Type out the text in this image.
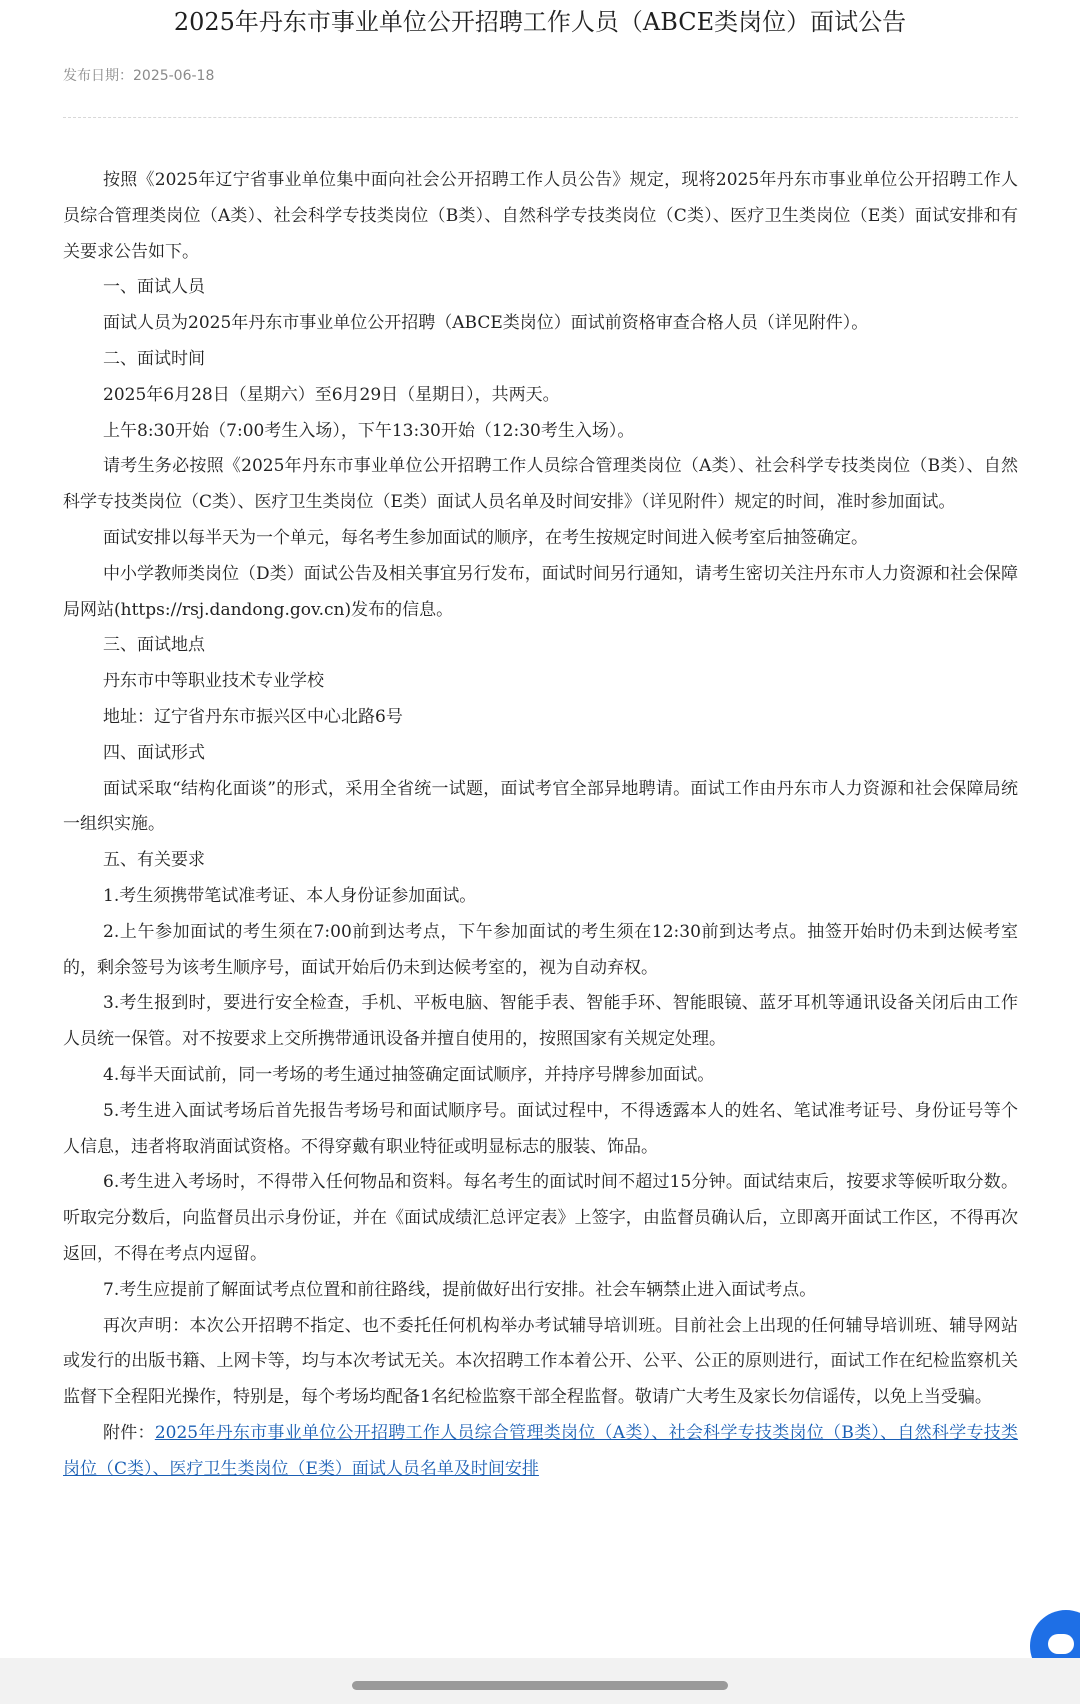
2025年丹东市事业单位公开招聘工作人员（ABCE类岗位）面试公告
发布日期：2025-06-18

按照《2025年辽宁省事业单位集中面向社会公开招聘工作人员公告》规定，现将2025年丹东市事业单位公开招聘工作人员综合管理类岗位（A类）、社会科学专技类岗位（B类）、自然科学专技类岗位（C类）、医疗卫生类岗位（E类）面试安排和有关要求公告如下。

一、面试人员

面试人员为2025年丹东市事业单位公开招聘（ABCE类岗位）面试前资格审查合格人员（详见附件）。

二、面试时间

2025年6月28日（星期六）至6月29日（星期日），共两天。

上午8:30开始（7:00考生入场），下午13:30开始（12:30考生入场）。

请考生务必按照《2025年丹东市事业单位公开招聘工作人员综合管理类岗位（A类）、社会科学专技类岗位（B类）、自然科学专技类岗位（C类）、医疗卫生类岗位（E类）面试人员名单及时间安排》（详见附件）规定的时间，准时参加面试。

面试安排以每半天为一个单元，每名考生参加面试的顺序，在考生按规定时间进入候考室后抽签确定。

中小学教师类岗位（D类）面试公告及相关事宜另行发布，面试时间另行通知，请考生密切关注丹东市人力资源和社会保障局网站(https://rsj.dandong.gov.cn)发布的信息。

三、面试地点

丹东市中等职业技术专业学校

地址：辽宁省丹东市振兴区中心北路6号

四、面试形式

面试采取“结构化面谈”的形式，采用全省统一试题，面试考官全部异地聘请。面试工作由丹东市人力资源和社会保障局统一组织实施。

五、有关要求

1.考生须携带笔试准考证、本人身份证参加面试。

2.上午参加面试的考生须在7:00前到达考点，下午参加面试的考生须在12:30前到达考点。抽签开始时仍未到达候考室的，剩余签号为该考生顺序号，面试开始后仍未到达候考室的，视为自动弃权。

3.考生报到时，要进行安全检查，手机、平板电脑、智能手表、智能手环、智能眼镜、蓝牙耳机等通讯设备关闭后由工作人员统一保管。对不按要求上交所携带通讯设备并擅自使用的，按照国家有关规定处理。

4.每半天面试前，同一考场的考生通过抽签确定面试顺序，并持序号牌参加面试。

5.考生进入面试考场后首先报告考场号和面试顺序号。面试过程中，不得透露本人的姓名、笔试准考证号、身份证号等个人信息，违者将取消面试资格。不得穿戴有职业特征或明显标志的服装、饰品。

6.考生进入考场时，不得带入任何物品和资料。每名考生的面试时间不超过15分钟。面试结束后，按要求等候听取分数。听取完分数后，向监督员出示身份证，并在《面试成绩汇总评定表》上签字，由监督员确认后，立即离开面试工作区，不得再次返回，不得在考点内逗留。

7.考生应提前了解面试考点位置和前往路线，提前做好出行安排。社会车辆禁止进入面试考点。

再次声明：本次公开招聘不指定、也不委托任何机构举办考试辅导培训班。目前社会上出现的任何辅导培训班、辅导网站或发行的出版书籍、上网卡等，均与本次考试无关。本次招聘工作本着公开、公平、公正的原则进行，面试工作在纪检监察机关监督下全程阳光操作，特别是，每个考场均配备1名纪检监察干部全程监督。敬请广大考生及家长勿信谣传，以免上当受骗。

附件：2025年丹东市事业单位公开招聘工作人员综合管理类岗位（A类）、社会科学专技类岗位（B类）、自然科学专技类岗位（C类）、医疗卫生类岗位（E类）面试人员名单及时间安排
